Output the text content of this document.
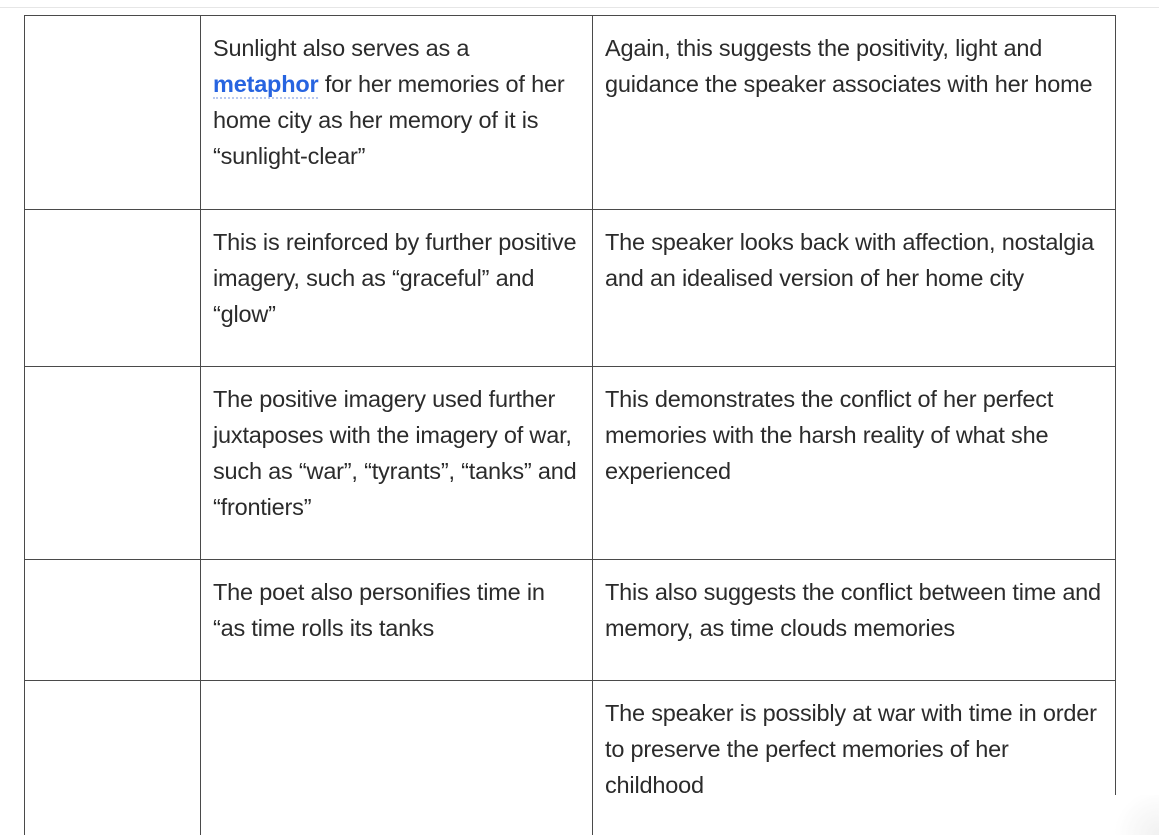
	Sunlight also serves as a metaphor for her memories of her home city as her memory of it is “sunlight-clear”	Again, this suggests the positivity, light and guidance the speaker associates with her home
	This is reinforced by further positive imagery, such as “graceful” and “glow”	The speaker looks back with affection, nostalgia and an idealised version of her home city
	The positive imagery used further juxtaposes with the imagery of war, such as “war”, “tyrants”, “tanks” and “frontiers”	This demonstrates the conflict of her perfect memories with the harsh reality of what she experienced
	The poet also personifies time in “as time rolls its tanks	This also suggests the conflict between time and memory, as time clouds memories
		The speaker is possibly at war with time in order to preserve the perfect memories of her childhood
